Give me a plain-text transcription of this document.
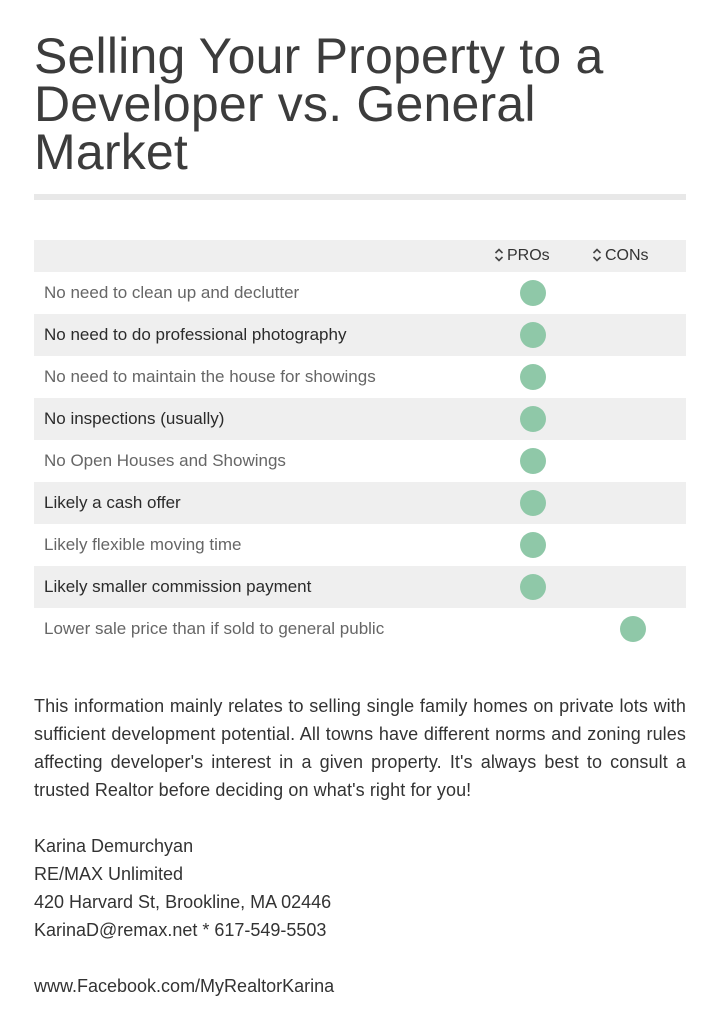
Selling Your Property to a Developer vs. General Market
PROs	CONs
No need to clean up and declutter
No need to do professional photography
No need to maintain the house for showings
No inspections (usually)
No Open Houses and Showings
Likely a cash offer
Likely flexible moving time
Likely smaller commission payment
Lower sale price than if sold to general public
This information mainly relates to selling single family homes on private lots with sufficient development potential. All towns have different norms and zoning rules affecting developer's interest in a given property. It's always best to consult a trusted Realtor before deciding on what's right for you!
Karina Demurchyan
RE/MAX Unlimited
420 Harvard St, Brookline, MA 02446
KarinaD@remax.net * 617-549-5503
www.Facebook.com/MyRealtorKarina
